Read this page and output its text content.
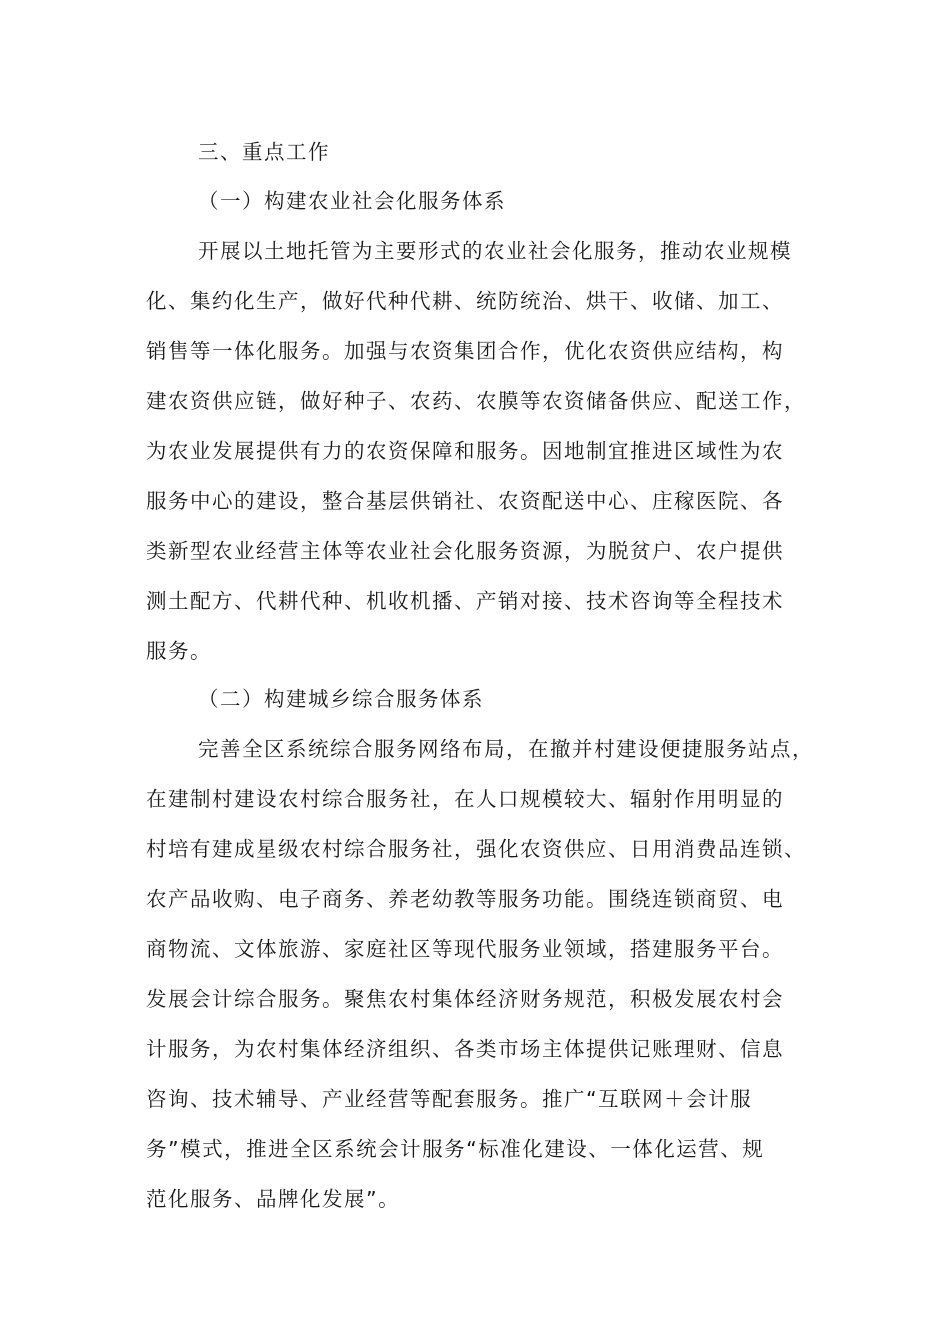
三、重点工作
（一）构建农业社会化服务体系
开展以土地托管为主要形式的农业社会化服务，推动农业规模
化、集约化生产，做好代种代耕、统防统治、烘干、收储、加工、
销售等一体化服务。加强与农资集团合作，优化农资供应结构，构
建农资供应链，做好种子、农药、农膜等农资储备供应、配送工作，
为农业发展提供有力的农资保障和服务。因地制宜推进区域性为农
服务中心的建设，整合基层供销社、农资配送中心、庄稼医院、各
类新型农业经营主体等农业社会化服务资源，为脱贫户、农户提供
测土配方、代耕代种、机收机播、产销对接、技术咨询等全程技术
服务。
（二）构建城乡综合服务体系
完善全区系统综合服务网络布局，在撤并村建设便捷服务站点，
在建制村建设农村综合服务社，在人口规模较大、辐射作用明显的
村培有建成星级农村综合服务社，强化农资供应、日用消费品连锁、
农产品收购、电子商务、养老幼教等服务功能。围绕连锁商贸、电
商物流、文体旅游、家庭社区等现代服务业领域，搭建服务平台。
发展会计综合服务。聚焦农村集体经济财务规范，积极发展农村会
计服务，为农村集体经济组织、各类市场主体提供记账理财、信息
咨询、技术辅导、产业经营等配套服务。推广“互联网＋会计服
务”模式，推进全区系统会计服务“标准化建设、一体化运营、规
范化服务、品牌化发展”。
